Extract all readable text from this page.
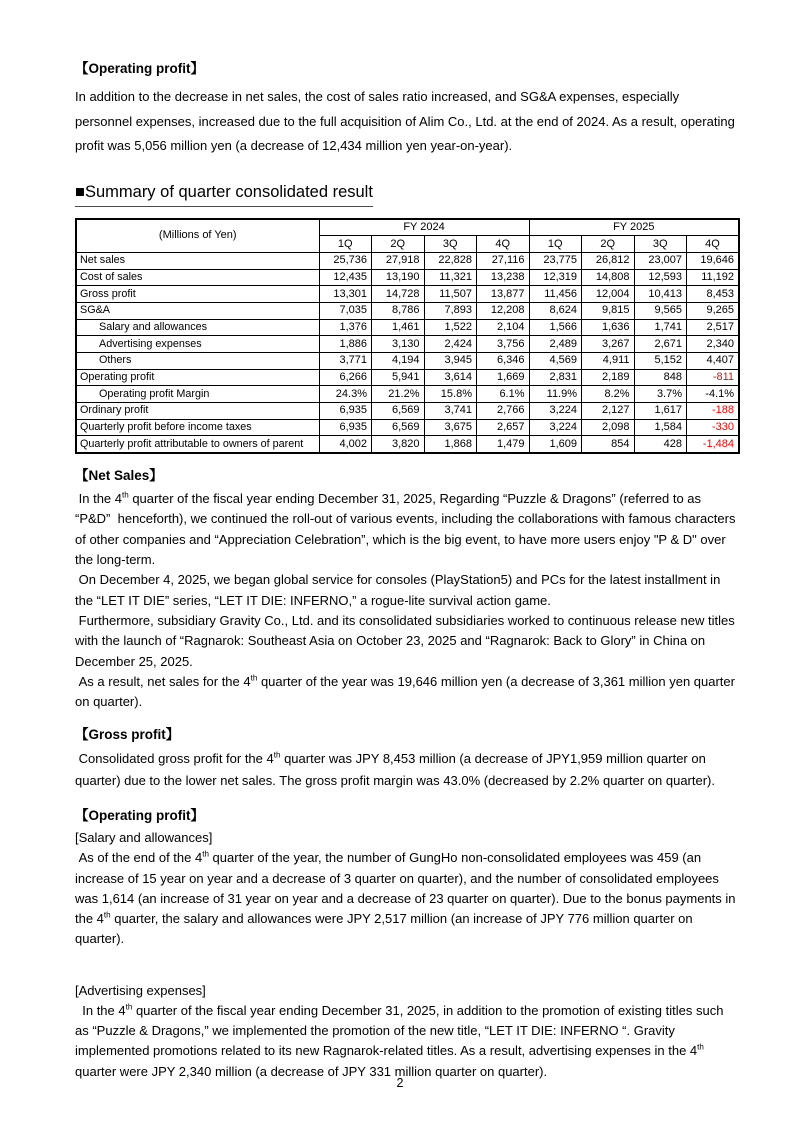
【Operating profit】

In addition to the decrease in net sales, the cost of sales ratio increased, and SG&A expenses, especially personnel expenses, increased due to the full acquisition of Alim Co., Ltd. at the end of 2024. As a result, operating profit was 5,056 million yen (a decrease of 12,434 million yen year-on-year).

■Summary of quarter consolidated result
(Millions of Yen)	FY 2024				FY 2025			
	1Q	2Q	3Q	4Q	1Q	2Q	3Q	4Q
Net sales	25,736	27,918	22,828	27,116	23,775	26,812	23,007	19,646
Cost of sales	12,435	13,190	11,321	13,238	12,319	14,808	12,593	11,192
Gross profit	13,301	14,728	11,507	13,877	11,456	12,004	10,413	8,453
SG&A	7,035	8,786	7,893	12,208	8,624	9,815	9,565	9,265
Salary and allowances	1,376	1,461	1,522	2,104	1,566	1,636	1,741	2,517
Advertising expenses	1,886	3,130	2,424	3,756	2,489	3,267	2,671	2,340
Others	3,771	4,194	3,945	6,346	4,569	4,911	5,152	4,407
Operating profit	6,266	5,941	3,614	1,669	2,831	2,189	848	-811
Operating profit Margin	24.3%	21.2%	15.8%	6.1%	11.9%	8.2%	3.7%	-4.1%
Ordinary profit	6,935	6,569	3,741	2,766	3,224	2,127	1,617	-188
Quarterly profit before income taxes	6,935	6,569	3,675	2,657	3,224	2,098	1,584	-330
Quarterly profit attributable to owners of parent	4,002	3,820	1,868	1,479	1,609	854	428	-1,484
【Net Sales】

In the 4th quarter of the fiscal year ending December 31, 2025, Regarding “Puzzle & Dragons” (referred to as  “P&D”  henceforth), we continued the roll-out of various events, including the collaborations with famous characters of other companies and “Appreciation Celebration”, which is the big event, to have more users enjoy "P & D" over the long-term.

On December 4, 2025, we began global service for consoles (PlayStation5) and PCs for the latest installment in the “LET IT DIE” series, “LET IT DIE: INFERNO,” a rogue-lite survival action game.

Furthermore, subsidiary Gravity Co., Ltd. and its consolidated subsidiaries worked to continuous release new titles with the launch of “Ragnarok: Southeast Asia on October 23, 2025 and “Ragnarok: Back to Glory” in China on December 25, 2025.

As a result, net sales for the 4th quarter of the year was 19,646 million yen (a decrease of 3,361 million yen quarter on quarter).

【Gross profit】

Consolidated gross profit for the 4th quarter was JPY 8,453 million (a decrease of JPY1,959 million quarter on quarter) due to the lower net sales. The gross profit margin was 43.0% (decreased by 2.2% quarter on quarter).

【Operating profit】

[Salary and allowances]

As of the end of the 4th quarter of the year, the number of GungHo non-consolidated employees was 459 (an increase of 15 year on year and a decrease of 3 quarter on quarter), and the number of consolidated employees was 1,614 (an increase of 31 year on year and a decrease of 23 quarter on quarter). Due to the bonus payments in the 4th quarter, the salary and allowances were JPY 2,517 million (an increase of JPY 776 million quarter on quarter).

[Advertising expenses]

In the 4th quarter of the fiscal year ending December 31, 2025, in addition to the promotion of existing titles such as “Puzzle & Dragons,” we implemented the promotion of the new title, “LET IT DIE: INFERNO “. Gravity implemented promotions related to its new Ragnarok-related titles. As a result, advertising expenses in the 4th quarter were JPY 2,340 million (a decrease of JPY 331 million quarter on quarter).

2
